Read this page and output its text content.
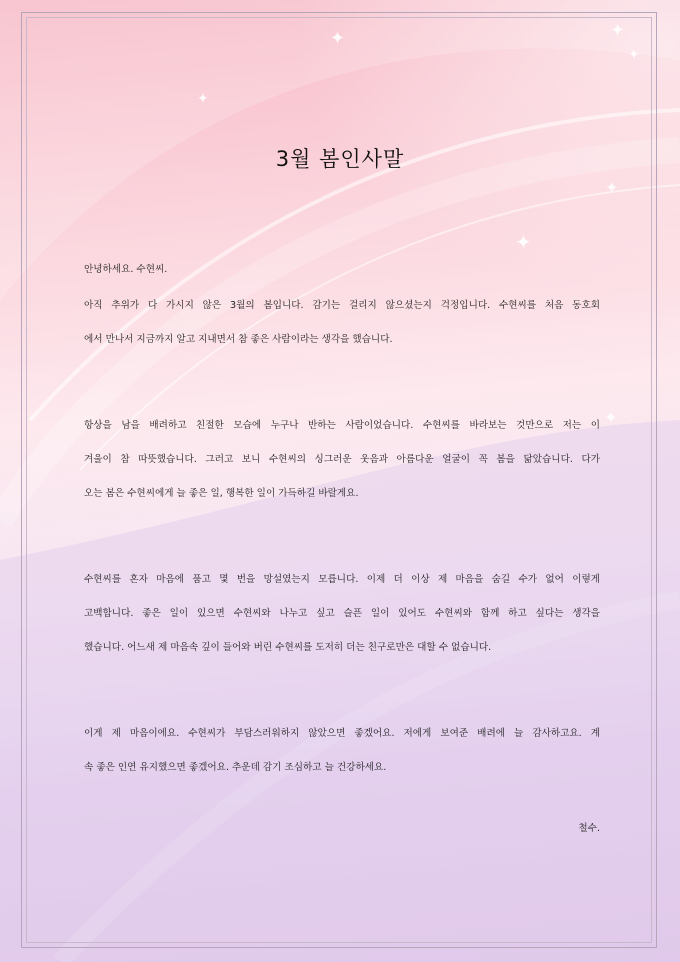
✦	✦
✦
✦
✦
✦
✦
3월 봄인사말
안녕하세요. 수현씨.
아직 추위가 다 가시지 않은 3월의 봄입니다. 감기는 걸리지 않으셨는지 걱정입니다. 수현씨를 처음 동호회
에서 만나서 지금까지 알고 지내면서 참 좋은 사람이라는 생각을 했습니다.
항상을 남을 배려하고 친절한 모습에 누구나 반하는 사람이었습니다. 수현씨를 바라보는 것만으로 저는 이
겨울이 참 따뜻했습니다. 그러고 보니 수현씨의 싱그러운 웃음과 아름다운 얼굴이 꼭 봄을 닮았습니다. 다가
오는 봄은 수현씨에게 늘 좋은 일, 행복한 일이 가득하길 바랄게요.
수현씨를 혼자 마음에 품고 몇 번을 망설였는지 모릅니다. 이제 더 이상 제 마음을 숨길 수가 없어 이렇게
고백합니다. 좋은 일이 있으면 수현씨와 나누고 싶고 슬픈 일이 있어도 수현씨와 함께 하고 싶다는 생각을
했습니다. 어느새 제 마음속 깊이 들어와 버린 수현씨를 도저히 더는 친구로만은 대할 수 없습니다.
이게 제 마음이에요. 수현씨가 부담스러워하지 않았으면 좋겠어요. 저에게 보여준 배려에 늘 감사하고요. 계
속 좋은 인연 유지했으면 좋겠어요. 추운데 감기 조심하고 늘 건강하세요.
철수.
